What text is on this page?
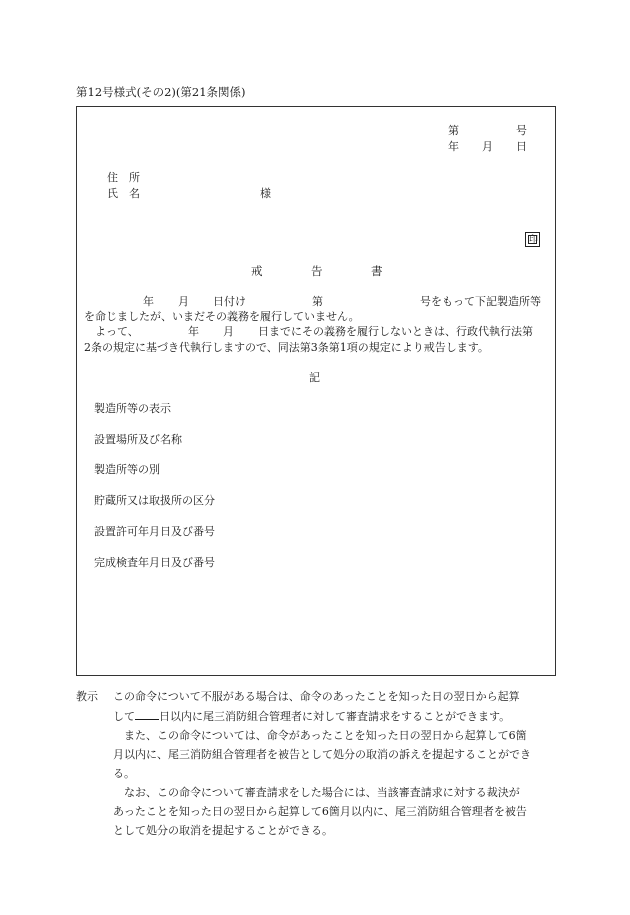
第12号様式(その2)(第21条関係)
第	号
年 月 日
住　所
氏　名	様
印
戒	告	書
年 月 日付け	第	号をもって下記製造所等
を命じましたが、いまだその義務を履行していません。
よって、	年 月 日までにその義務を履行しないときは、行政代執行法第
2条の規定に基づき代執行しますので、同法第3条第1項の規定により戒告します。
記
製造所等の表示
設置場所及び名称
製造所等の別
貯蔵所又は取扱所の区分
設置許可年月日及び番号
完成検査年月日及び番号
教示 この命令について不服がある場合は、命令のあったことを知った日の翌日から起算
して 日以内に尾三消防組合管理者に対して審査請求をすることができます。
また、この命令については、命令があったことを知った日の翌日から起算して6箇
月以内に、尾三消防組合管理者を被告として処分の取消の訴えを提起することができ
る。
なお、この命令について審査請求をした場合には、当該審査請求に対する裁決が
あったことを知った日の翌日から起算して6箇月以内に、尾三消防組合管理者を被告
として処分の取消を提起することができる。
